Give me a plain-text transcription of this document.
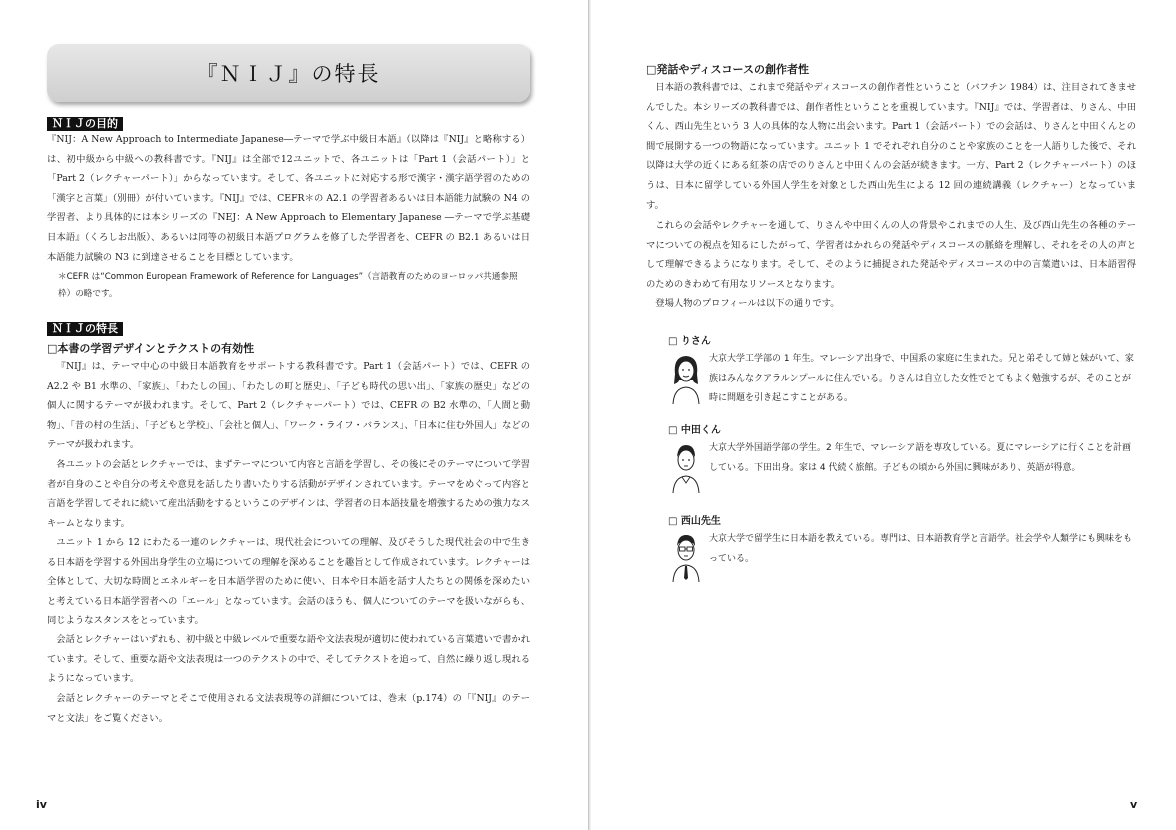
『ＮＩＪ』の特長
ＮＩＪの目的

『NIJ：A New Approach to Intermediate Japanese―テーマで学ぶ中級日本語』（以降は『NIJ』と略称する）は、初中級から中級への教科書です。『NIJ』は全部で12ユニットで、各ユニットは「Part 1（会話パート）」と「Part 2（レクチャーパート）」からなっています。そして、各ユニットに対応する形で漢字・漢字語学習のための「漢字と言葉」（別冊）が付いています。『NIJ』では、CEFR＊の A2.1 の学習者あるいは日本語能力試験の N4 の学習者、より具体的には本シリーズの『NEJ：A New Approach to Elementary Japanese ―テーマで学ぶ基礎日本語』（くろしお出版）、あるいは同等の初級日本語プログラムを修了した学習者を、CEFR の B2.1 あるいは日本語能力試験の N3 に到達させることを目標としています。

＊CEFR は“Common European Framework of Reference for Languages”（言語教育のためのヨーロッパ共通参照枠）の略です。

ＮＩＪの特長
□本書の学習デザインとテクストの有効性

『NIJ』は、テーマ中心の中級日本語教育をサポートする教科書です。Part 1（会話パート）では、CEFR の A2.2 や B1 水準の、「家族」、「わたしの国」、「わたしの町と歴史」、「子ども時代の思い出」、「家族の歴史」などの個人に関するテーマが扱われます。そして、Part 2（レクチャーパート）では、CEFR の B2 水準の、「人間と動物」、「昔の村の生活」、「子どもと学校」、「会社と個人」、「ワーク・ライフ・バランス」、「日本に住む外国人」などのテーマが扱われます。

各ユニットの会話とレクチャーでは、まずテーマについて内容と言語を学習し、その後にそのテーマについて学習者が自身のことや自分の考えや意見を話したり書いたりする活動がデザインされています。テーマをめぐって内容と言語を学習してそれに続いて産出活動をするというこのデザインは、学習者の日本語技量を増強するための強力なスキームとなります。

ユニット 1 から 12 にわたる一連のレクチャーは、現代社会についての理解、及びそうした現代社会の中で生きる日本語を学習する外国出身学生の立場についての理解を深めることを趣旨として作成されています。レクチャーは全体として、大切な時間とエネルギーを日本語学習のために使い、日本や日本語を話す人たちとの関係を深めたいと考えている日本語学習者への「エール」となっています。会話のほうも、個人についてのテーマを扱いながらも、同じようなスタンスをとっています。

会話とレクチャーはいずれも、初中級と中級レベルで重要な語や文法表現が適切に使われている言葉遣いで書かれています。そして、重要な語や文法表現は一つのテクストの中で、そしてテクストを追って、自然に繰り返し現れるようになっています。

会話とレクチャーのテーマとそこで使用される文法表現等の詳細については、巻末（p.174）の「『NIJ』のテーマと文法」をご覧ください。

iv
□発話やディスコースの創作者性

日本語の教科書では、これまで発話やディスコースの創作者性ということ（バフチン 1984）は、注目されてきませんでした。本シリーズの教科書では、創作者性ということを重視しています。『NIJ』では、学習者は、りさん、中田くん、西山先生という 3 人の具体的な人物に出会います。Part 1（会話パート）での会話は、りさんと中田くんとの間で展開する一つの物語になっています。ユニット 1 でそれぞれ自分のことや家族のことを一人語りした後で、それ以降は大学の近くにある紅茶の店でのりさんと中田くんの会話が続きます。一方、Part 2（レクチャーパート）のほうは、日本に留学している外国人学生を対象とした西山先生による 12 回の連続講義（レクチャー）となっています。

これらの会話やレクチャーを通して、りさんや中田くんの人の背景やこれまでの人生、及び西山先生の各種のテーマについての視点を知るにしたがって、学習者はかれらの発話やディスコースの脈絡を理解し、それをその人の声として理解できるようになります。そして、そのように捕捉された発話やディスコースの中の言葉遣いは、日本語習得のためのきわめて有用なリソースとなります。

登場人物のプロフィールは以下の通りです。

□ りさん

大京大学工学部の 1 年生。マレーシア出身で、中国系の家庭に生まれた。兄と弟そして姉と妹がいて、家族はみんなクアラルンプールに住んでいる。りさんは自立した女性でとてもよく勉強するが、そのことが時に問題を引き起こすことがある。

□ 中田くん

大京大学外国語学部の学生。2 年生で、マレーシア語を専攻している。夏にマレーシアに行くことを計画している。下田出身。家は 4 代続く旅館。子どもの頃から外国に興味があり、英語が得意。

□ 西山先生

大京大学で留学生に日本語を教えている。専門は、日本語教育学と言語学。社会学や人類学にも興味をもっている。

v
